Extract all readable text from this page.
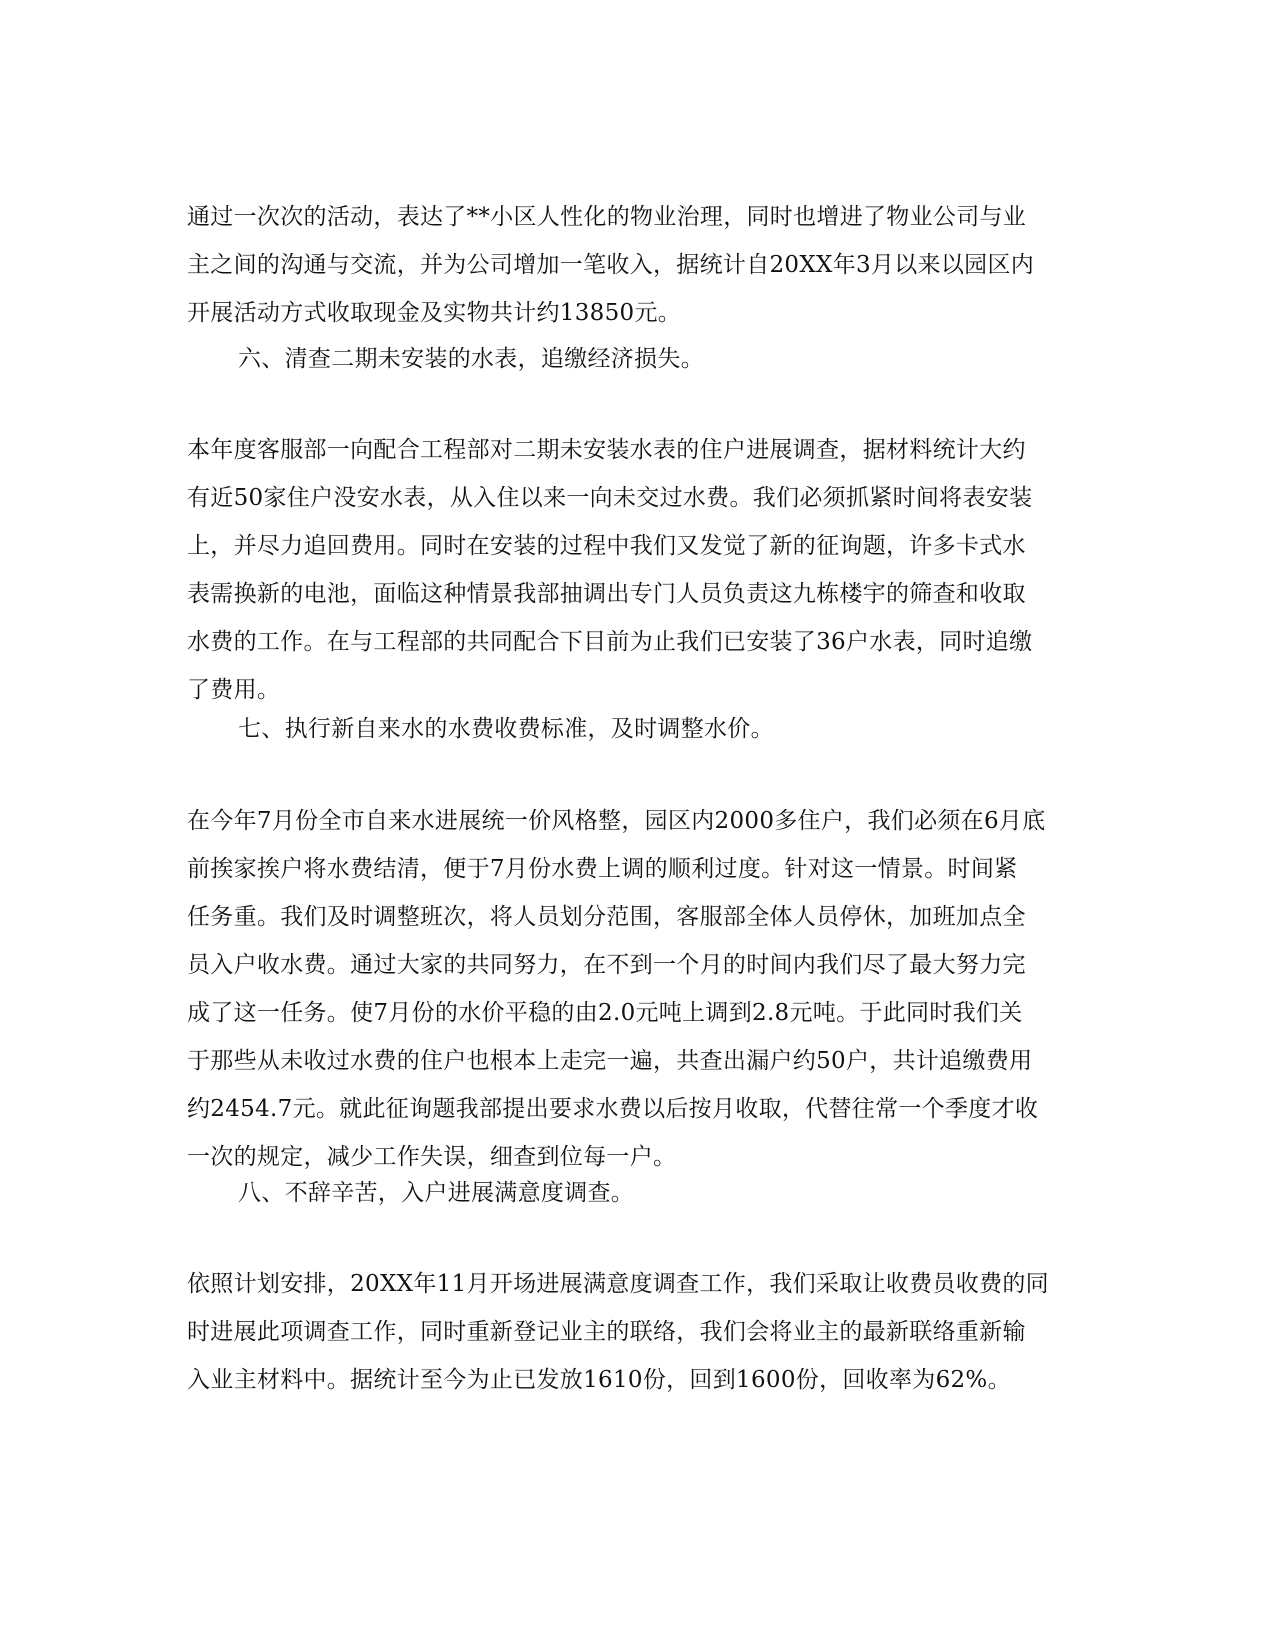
通过一次次的活动，表达了**小区人性化的物业治理，同时也增进了物业公司与业
主之间的沟通与交流，并为公司增加一笔收入，据统计自20XX年3月以来以园区内
开展活动方式收取现金及实物共计约13850元。
六、清查二期未安装的水表，追缴经济损失。
本年度客服部一向配合工程部对二期未安装水表的住户进展调查，据材料统计大约
有近50家住户没安水表，从入住以来一向未交过水费。我们必须抓紧时间将表安装
上，并尽力追回费用。同时在安装的过程中我们又发觉了新的征询题，许多卡式水
表需换新的电池，面临这种情景我部抽调出专门人员负责这九栋楼宇的筛查和收取
水费的工作。在与工程部的共同配合下目前为止我们已安装了36户水表，同时追缴
了费用。
七、执行新自来水的水费收费标准，及时调整水价。
在今年7月份全市自来水进展统一价风格整，园区内2000多住户，我们必须在6月底
前挨家挨户将水费结清，便于7月份水费上调的顺利过度。针对这一情景。时间紧
任务重。我们及时调整班次，将人员划分范围，客服部全体人员停休，加班加点全
员入户收水费。通过大家的共同努力，在不到一个月的时间内我们尽了最大努力完
成了这一任务。使7月份的水价平稳的由2.0元吨上调到2.8元吨。于此同时我们关
于那些从未收过水费的住户也根本上走完一遍，共查出漏户约50户，共计追缴费用
约2454.7元。就此征询题我部提出要求水费以后按月收取，代替往常一个季度才收
一次的规定，减少工作失误，细查到位每一户。
八、不辞辛苦，入户进展满意度调查。
依照计划安排，20XX年11月开场进展满意度调查工作，我们采取让收费员收费的同
时进展此项调查工作，同时重新登记业主的联络，我们会将业主的最新联络重新输
入业主材料中。据统计至今为止已发放1610份，回到1600份，回收率为62%。
